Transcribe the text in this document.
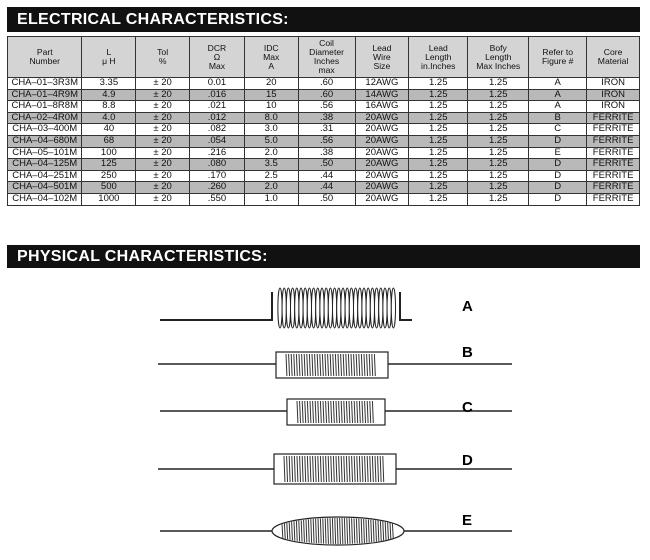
ELECTRICAL CHARACTERISTICS:
Part
Number	L
μ H	Tol
%	DCR
Ω
Max	IDC
Max
A	Coil
Diameter
Inches
max	Lead
Wire
Size	Lead
Length
in.Inches	Bofy
Length
Max Inches	Refer to
Figure #	Core
Material

CHA–01–3R3M	3.35	± 20	0.01	20	.60	12AWG	1.25	1.25	A	IRON
CHA–01–4R9M	4.9	± 20	.016	15	.60	14AWG	1.25	1.25	A	IRON
CHA–01–8R8M	8.8	± 20	.021	10	.56	16AWG	1.25	1.25	A	IRON
CHA–02–4R0M	4.0	± 20	.012	8.0	.38	20AWG	1.25	1.25	B	FERRITE
CHA–03–400M	40	± 20	.082	3.0	.31	20AWG	1.25	1.25	C	FERRITE
CHA–04–680M	68	± 20	.054	5.0	.56	20AWG	1.25	1.25	D	FERRITE
CHA–05–101M	100	± 20	.216	2.0	.38	20AWG	1.25	1.25	E	FERRITE
CHA–04–125M	125	± 20	.080	3.5	.50	20AWG	1.25	1.25	D	FERRITE
CHA–04–251M	250	± 20	.170	2.5	.44	20AWG	1.25	1.25	D	FERRITE
CHA–04–501M	500	± 20	.260	2.0	.44	20AWG	1.25	1.25	D	FERRITE
CHA–04–102M	1000	± 20	.550	1.0	.50	20AWG	1.25	1.25	D	FERRITE
PHYSICAL CHARACTERISTICS:
A
B
C
D
E
